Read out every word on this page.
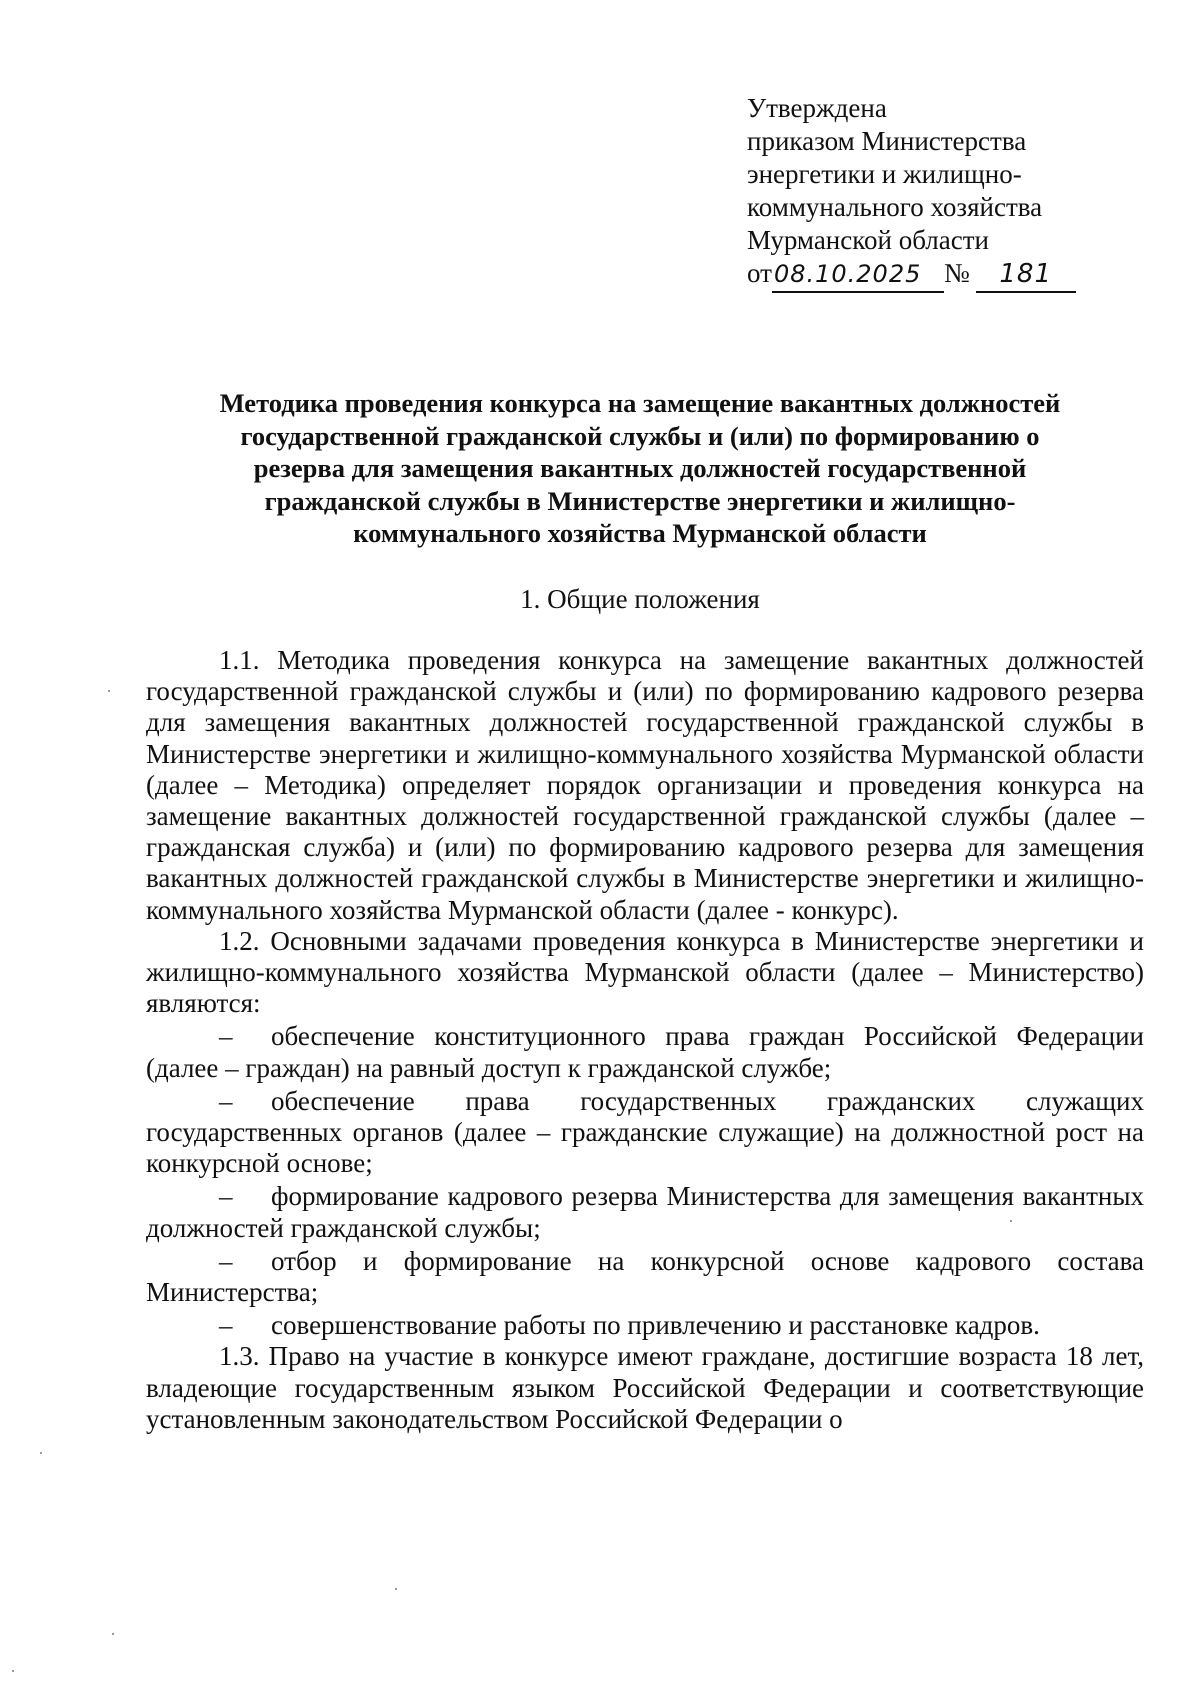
Утверждена
приказом Министерства
энергетики и жилищно-
коммунального хозяйства
Мурманской области
от08.10.2025 № 181
Методика проведения конкурса на замещение вакантных должностей
государственной гражданской службы и (или) по формированию о
резерва для замещения вакантных должностей государственной
гражданской службы в Министерстве энергетики и жилищно-
коммунального хозяйства Мурманской области
1. Общие положения

1.1. Методика проведения конкурса на замещение вакантных должностей государственной гражданской службы и (или) по формированию кадрового резерва для замещения вакантных должностей государственной гражданской службы в Министерстве энергетики и жилищно-коммунального хозяйства Мурманской области (далее – Методика) определяет порядок организации и проведения конкурса на замещение вакантных должностей государственной гражданской службы (далее – гражданская служба) и (или) по формированию кадрового резерва для замещения вакантных должностей гражданской службы в Министерстве энергетики и жилищно-коммунального хозяйства Мурманской области (далее - конкурс).

1.2. Основными задачами проведения конкурса в Министерстве энергетики и жилищно-коммунального хозяйства Мурманской области (далее – Министерство) являются:

– обеспечение конституционного права граждан Российской Федерации (далее – граждан) на равный доступ к гражданской службе;

– обеспечение права государственных гражданских служащих государственных органов (далее – гражданские служащие) на должностной рост на конкурсной основе;

– формирование кадрового резерва Министерства для замещения вакантных должностей гражданской службы;

– отбор и формирование на конкурсной основе кадрового состава Министерства;

– совершенствование работы по привлечению и расстановке кадров.

1.3. Право на участие в конкурсе имеют граждане, достигшие возраста 18 лет, владеющие государственным языком Российской Федерации и соответствующие установленным законодательством Российской Федерации о
